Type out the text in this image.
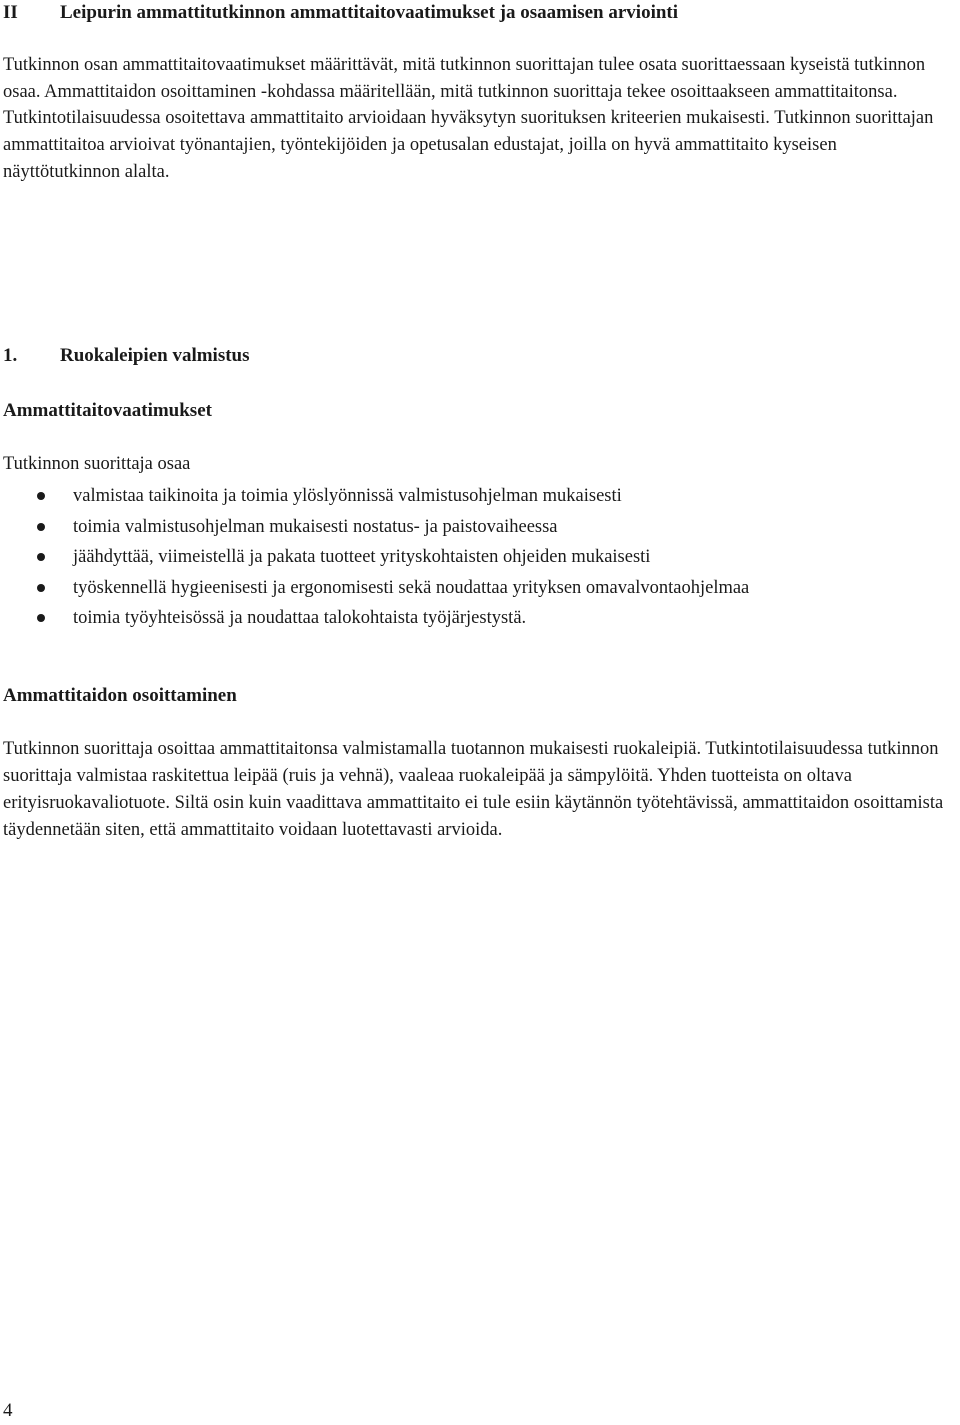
II Leipurin ammattitutkinnon ammattitaitovaatimukset ja osaamisen arviointi

Tutkinnon osan ammattitaitovaatimukset määrittävät, mitä tutkinnon suorittajan tulee osata suorittaessaan kyseistä tutkinnon osaa. Ammattitaidon osoittaminen -kohdassa määritellään, mitä tutkinnon suorittaja tekee osoittaakseen ammattitaitonsa. Tutkintotilaisuudessa osoitettava ammattitaito arvioidaan hyväksytyn suorituksen kriteerien mukaisesti. Tutkinnon suorittajan ammattitaitoa arvioivat työnantajien, työntekijöiden ja opetusalan edustajat, joilla on hyvä ammattitaito kyseisen näyttötutkinnon alalta.

1. Ruokaleipien valmistus
Ammattitaitovaatimukset
Tutkinnon suorittaja osaa
valmistaa taikinoita ja toimia ylöslyönnissä valmistusohjelman mukaisesti
toimia valmistusohjelman mukaisesti nostatus- ja paistovaiheessa
jäähdyttää, viimeistellä ja pakata tuotteet yrityskohtaisten ohjeiden mukaisesti
työskennellä hygieenisesti ja ergonomisesti sekä noudattaa yrityksen omavalvontaohjelmaa
toimia työyhteisössä ja noudattaa talokohtaista työjärjestystä.
Ammattitaidon osoittaminen

Tutkinnon suorittaja osoittaa ammattitaitonsa valmistamalla tuotannon mukaisesti ruokaleipiä. Tutkintotilaisuudessa tutkinnon suorittaja valmistaa raskitettua leipää (ruis ja vehnä), vaaleaa ruokaleipää ja sämpylöitä. Yhden tuotteista on oltava erityisruokavaliotuote. Siltä osin kuin vaadittava ammattitaito ei tule esiin käytännön työtehtävissä, ammattitaidon osoittamista täydennetään siten, että ammattitaito voidaan luotettavasti arvioida.

4
